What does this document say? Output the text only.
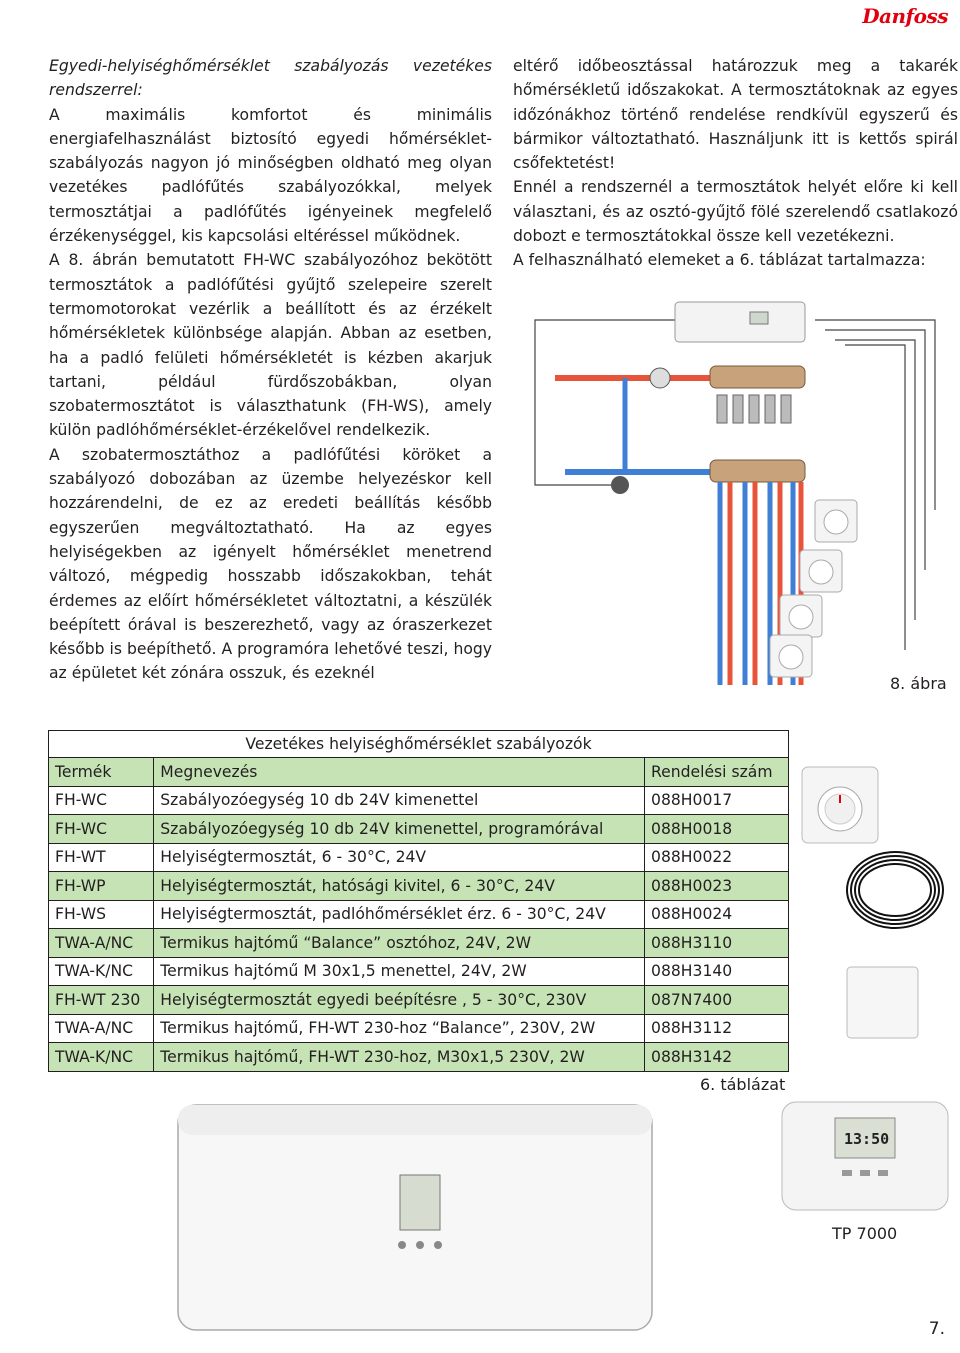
Danfoss

Egyedi-helyiséghőmérséklet szabályozás vezetékes rendszerrel:

A maximális komfortot és minimális energiafelhasználást biztosító egyedi hőmérséklet-szabályozás nagyon jó minőségben oldható meg olyan vezetékes padlófűtés szabályozókkal, melyek termosztátjai a padlófűtés igényeinek megfelelő érzékenységgel, kis kapcsolási eltéréssel működnek.

A 8. ábrán bemutatott FH-WC szabályozóhoz bekötött termosztátok a padlófűtési gyűjtő szelepeire szerelt termomotorokat vezérlik a beállított és az érzékelt hőmérsékletek különbsége alapján. Abban az esetben, ha a padló felületi hőmérsékletét is kézben akarjuk tartani, például fürdőszobákban, olyan szobatermosztátot is választhatunk (FH-WS), amely külön padlóhőmérséklet-érzékelővel rendelkezik.

A szobatermosztáthoz a padlófűtési köröket a szabályozó dobozában az üzembe helyezéskor kell hozzárendelni, de ez az eredeti beállítás később egyszerűen megváltoztatható. Ha az egyes helyiségekben az igényelt hőmérséklet menetrend változó, mégpedig hosszabb időszakokban, tehát érdemes az előírt hőmérsékletet változtatni, a készülék beépített órával is beszerezhető, vagy az óraszerkezet később is beépíthető. A programóra lehetővé teszi, hogy az épületet két zónára osszuk, és ezeknél

eltérő időbeosztással határozzuk meg a takarék hőmérsékletű időszakokat. A termosztátoknak az egyes időzónákhoz történő rendelése rendkívül egyszerű és bármikor változtatható. Használjunk itt is kettős spirál csőfektetést!

Ennél a rendszernél a termosztátok helyét előre ki kell választani, és az osztó-gyűjtő fölé szerelendő csatlakozó dobozt e termosztátokkal össze kell vezetékezni.

A felhasználható elemeket a 6. táblázat tartalmazza:

8. ábra
Vezetékes helyiséghőmérséklet szabályozók		
Termék	Megnevezés	Rendelési szám
FH-WC	Szabályozóegység 10 db 24V kimenettel	088H0017
FH-WC	Szabályozóegység 10 db 24V kimenettel, programórával	088H0018
FH-WT	Helyiségtermosztát, 6 - 30°C, 24V	088H0022
FH-WP	Helyiségtermosztát, hatósági kivitel, 6 - 30°C, 24V	088H0023
FH-WS	Helyiségtermosztát, padlóhőmérséklet érz. 6 - 30°C, 24V	088H0024
TWA-A/NC	Termikus hajtómű “Balance” osztóhoz, 24V, 2W	088H3110
TWA-K/NC	Termikus hajtómű M 30x1,5 menettel, 24V, 2W	088H3140
FH-WT 230	Helyiségtermosztát egyedi beépítésre , 5 - 30°C, 230V	087N7400
TWA-A/NC	Termikus hajtómű, FH-WT 230-hoz “Balance”, 230V, 2W	088H3112
TWA-K/NC	Termikus hajtómű, FH-WT 230-hoz, M30x1,5 230V, 2W	088H3142
6. táblázat
13:50
TP 7000
7.
